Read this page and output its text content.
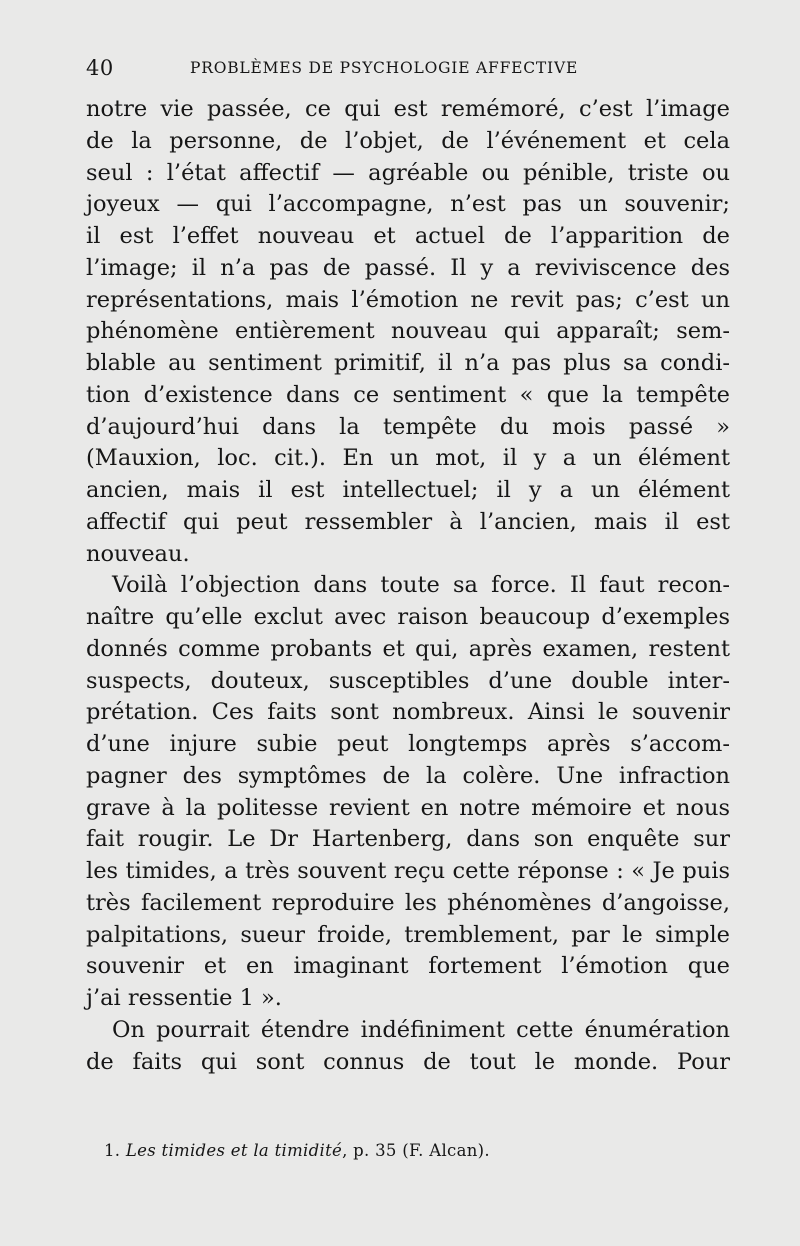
40	PROBLÈMES DE PSYCHOLOGIE AFFECTIVE
notre vie passée, ce qui est remémoré, c’est l’image
de la personne, de l’objet, de l’événement et cela
seul : l’état affectif — agréable ou pénible, triste ou
joyeux — qui l’accompagne, n’est pas un souvenir;
il est l’effet nouveau et actuel de l’apparition de
l’image; il n’a pas de passé. Il y a reviviscence des
représentations, mais l’émotion ne revit pas; c’est un
phénomène entièrement nouveau qui apparaît; sem-
blable au sentiment primitif, il n’a pas plus sa condi-
tion d’existence dans ce sentiment « que la tempête
d’aujourd’hui dans la tempête du mois passé »
(Mauxion, loc. cit.). En un mot, il y a un élément
ancien, mais il est intellectuel; il y a un élément
affectif qui peut ressembler à l’ancien, mais il est
nouveau.
Voilà l’objection dans toute sa force. Il faut recon-
naître qu’elle exclut avec raison beaucoup d’exemples
donnés comme probants et qui, après examen, restent
suspects, douteux, susceptibles d’une double inter-
prétation. Ces faits sont nombreux. Ainsi le souvenir
d’une injure subie peut longtemps après s’accom-
pagner des symptômes de la colère. Une infraction
grave à la politesse revient en notre mémoire et nous
fait rougir. Le Dr Hartenberg, dans son enquête sur
les timides, a très souvent reçu cette réponse : « Je puis
très facilement reproduire les phénomènes d’angoisse,
palpitations, sueur froide, tremblement, par le simple
souvenir et en imaginant fortement l’émotion que
j’ai ressentie 1 ».
On pourrait étendre indéfiniment cette énumération
de faits qui sont connus de tout le monde. Pour
1. Les timides et la timidité, p. 35 (F. Alcan).
